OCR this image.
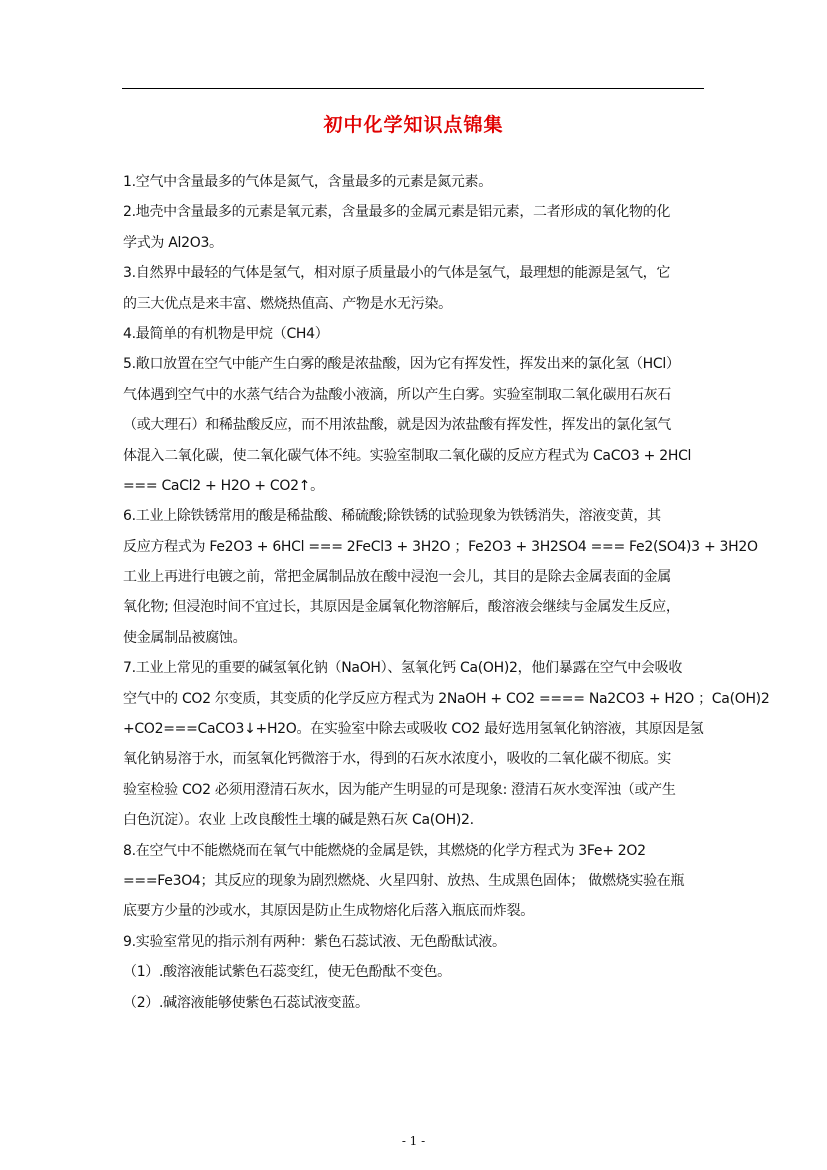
初中化学知识点锦集
1.空气中含量最多的气体是氮气，含量最多的元素是氮元素。
2.地壳中含量最多的元素是氧元素，含量最多的金属元素是铝元素，二者形成的氧化物的化
学式为 Al2O3。
3.自然界中最轻的气体是氢气，相对原子质量最小的气体是氢气，最理想的能源是氢气，它
的三大优点是来丰富、燃烧热值高、产物是水无污染。
4.最简单的有机物是甲烷（CH4）
5.敞口放置在空气中能产生白雾的酸是浓盐酸，因为它有挥发性，挥发出来的氯化氢（HCl）
气体遇到空气中的水蒸气结合为盐酸小液滴，所以产生白雾。实验室制取二氧化碳用石灰石
（或大理石）和稀盐酸反应，而不用浓盐酸，就是因为浓盐酸有挥发性，挥发出的氯化氢气
体混入二氧化碳，使二氧化碳气体不纯。实验室制取二氧化碳的反应方程式为 CaCO3 + 2HCl
=== CaCl2 + H2O + CO2↑。
6.工业上除铁锈常用的酸是稀盐酸、稀硫酸;除铁锈的试验现象为铁锈消失，溶液变黄，其
反应方程式为 Fe2O3 + 6HCl === 2FeCl3 + 3H2O ；Fe2O3 + 3H2SO4 === Fe2(SO4)3 + 3H2O
工业上再进行电镀之前，常把金属制品放在酸中浸泡一会儿，其目的是除去金属表面的金属
氧化物; 但浸泡时间不宜过长，其原因是金属氧化物溶解后，酸溶液会继续与金属发生反应，
使金属制品被腐蚀。
7.工业上常见的重要的碱氢氧化钠（NaOH）、氢氧化钙 Ca(OH)2，他们暴露在空气中会吸收
空气中的 CO2 尔变质，其变质的化学反应方程式为 2NaOH + CO2 ==== Na2CO3 + H2O ；Ca(OH)2
+CO2===CaCO3↓+H2O。在实验室中除去或吸收 CO2 最好选用氢氧化钠溶液，其原因是氢
氧化钠易溶于水，而氢氧化钙微溶于水，得到的石灰水浓度小，吸收的二氧化碳不彻底。实
验室检验 CO2 必须用澄清石灰水，因为能产生明显的可是现象: 澄清石灰水变浑浊（或产生
白色沉淀）。农业 上改良酸性土壤的碱是熟石灰 Ca(OH)2.
8.在空气中不能燃烧而在氧气中能燃烧的金属是铁，其燃烧的化学方程式为 3Fe+ 2O2
===Fe3O4；其反应的现象为剧烈燃烧、火星四射、放热、生成黑色固体； 做燃烧实验在瓶
底要方少量的沙或水，其原因是防止生成物熔化后落入瓶底而炸裂。
9.实验室常见的指示剂有两种：紫色石蕊试液、无色酚酞试液。
（1）.酸溶液能试紫色石蕊变红，使无色酚酞不变色。
（2）.碱溶液能够使紫色石蕊试液变蓝。
- 1 -
